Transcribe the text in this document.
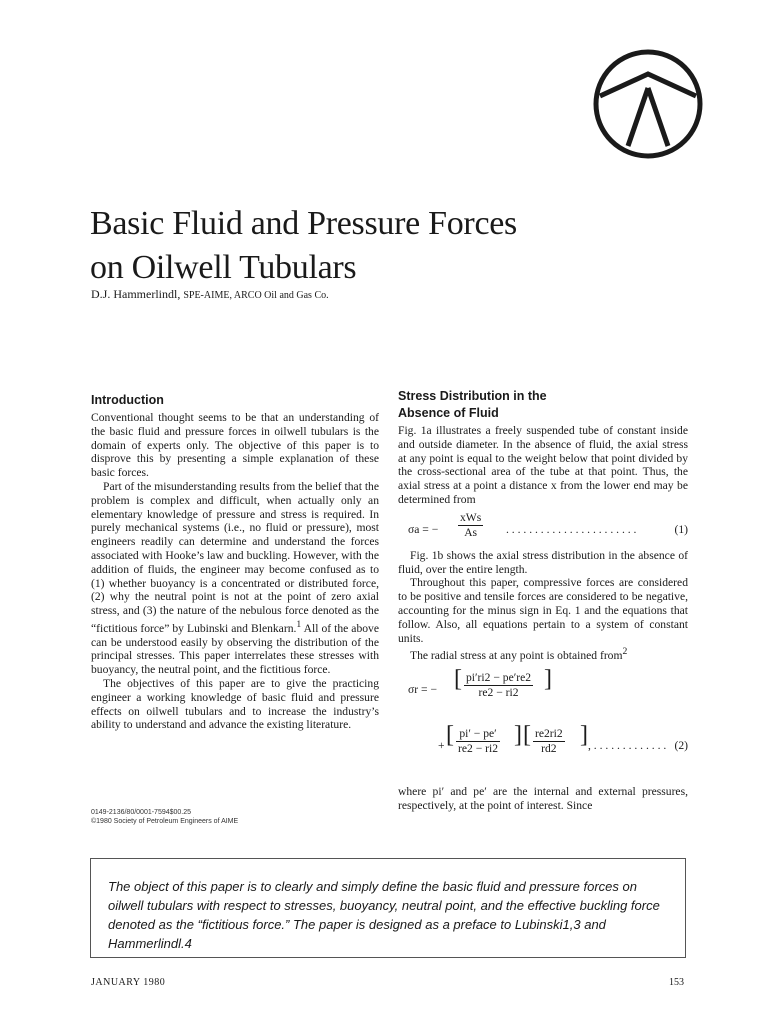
Basic Fluid and Pressure Forces
on Oilwell Tubulars
D.J. Hammerlindl, SPE-AIME, ARCO Oil and Gas Co.
Introduction

Conventional thought seems to be that an understanding of the basic fluid and pressure forces in oilwell tubulars is the domain of experts only. The objective of this paper is to disprove this by presenting a simple explanation of these basic forces.

Part of the misunderstanding results from the belief that the problem is complex and difficult, when actually only an elementary knowledge of pressure and stress is required. In purely mechanical systems (i.e., no fluid or pressure), most engineers readily can determine and understand the forces associated with Hooke’s law and buckling. However, with the addition of fluids, the engineer may become confused as to (1) whether buoyancy is a concentrated or distributed force, (2) why the neutral point is not at the point of zero axial stress, and (3) the nature of the nebulous force denoted as the “fictitious force” by Lubinski and Blenkarn.$^1$ All of the above can be understood easily by observing the distribution of the principal stresses. This paper interrelates these stresses with buoyancy, the neutral point, and the fictitious force.

The objectives of this paper are to give the practicing engineer a working knowledge of basic fluid and pressure effects on oilwell tubulars and to increase the industry’s ability to understand and advance the existing literature.

0149-2136/80/0001-7594$00.25
©1980 Society of Petroleum Engineers of AIME
Stress Distribution in the
Absence of Fluid

Fig. 1a illustrates a freely suspended tube of constant inside and outside diameter. In the absence of fluid, the axial stress at any point is equal to the weight below that point divided by the cross-sectional area of the tube at that point. Thus, the axial stress at a point a distance x from the lower end may be determined from

σa = −
xWs
As	. . . . . . . . . . . . . . . . . . . . . . .	(1)

Fig. 1b shows the axial stress distribution in the absence of fluid, over the entire length.

Throughout this paper, compressive forces are considered to be positive and tensile forces are considered to be negative, accounting for the minus sign in Eq. 1 and the equations that follow. Also, all equations pertain to a system of constant units.

The radial stress at any point is obtained from$^2$

σr = − [ $\frac{pi'ri2 - pe're2}{re2 - ri2}$ ]
+ [ $\frac{pi' - pe'}{re2 - ri2}$ ] [ $\frac{re2ri2}{rd2}$ ] , . . . . . . . . . . . . . (2)

where pi′ and pe′ are the internal and external pressures, respectively, at the point of interest. Since

The object of this paper is to clearly and simply define the basic fluid and pressure forces on oilwell tubulars with respect to stresses, buoyancy, neutral point, and the effective buckling force denoted as the “fictitious force.” The paper is designed as a preface to Lubinski1,3 and Hammerlindl.4

JANUARY 1980	153
